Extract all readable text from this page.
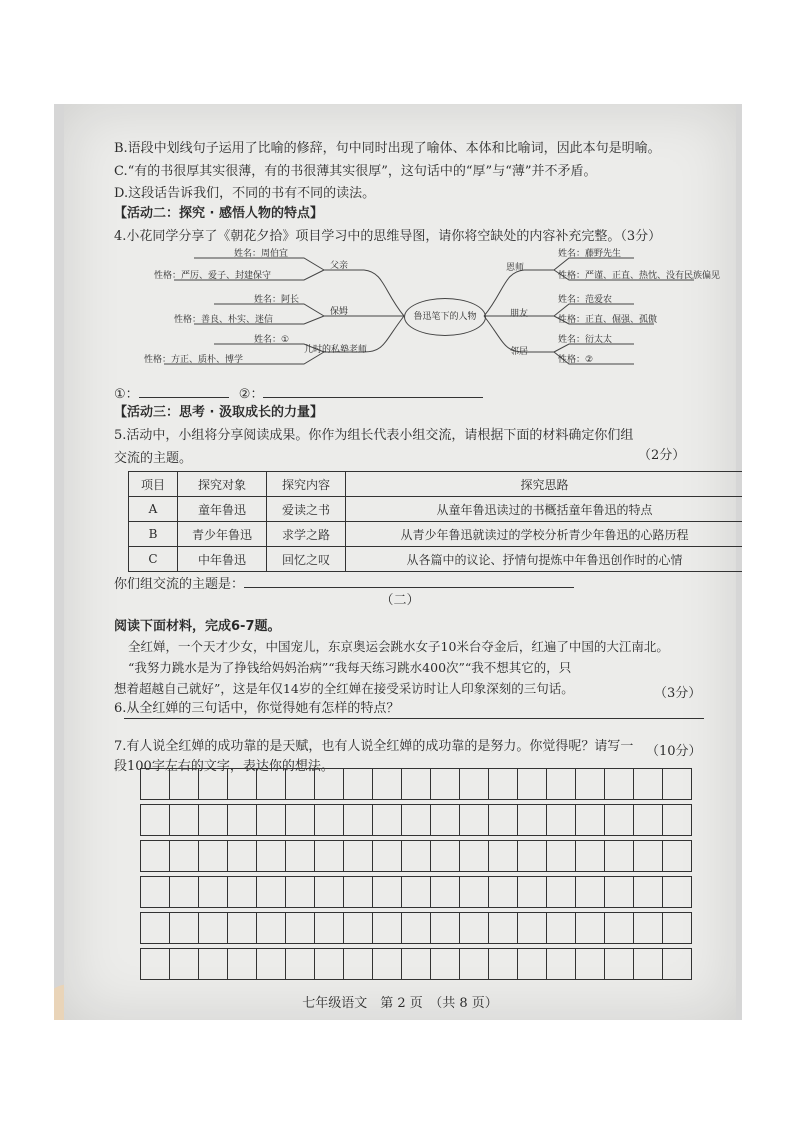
B.语段中划线句子运用了比喻的修辞，句中同时出现了喻体、本体和比喻词，因此本句是明喻。
C.“有的书很厚其实很薄，有的书很薄其实很厚”，这句话中的“厚”与“薄”并不矛盾。
D.这段话告诉我们，不同的书有不同的读法。
【活动二：探究 · 感悟人物的特点】
4.小花同学分享了《朝花夕拾》项目学习中的思维导图，请你将空缺处的内容补充完整。（3分）
鲁迅笔下的人物
姓名：周伯宜
性格：严厉、爱子、封建保守
父亲
姓名：阿长
性格：善良、朴实、迷信
保姆
姓名：①
性格：方正、质朴、博学
儿时的私塾老师
恩师
姓名：藤野先生
性格：严谨、正直、热忱、没有民族偏见
朋友
姓名：范爱农
性格：正直、倔强、孤傲
邻居
姓名：衍太太
性格：②
①：	②：
【活动三：思考 · 汲取成长的力量】
5.活动中，小组将分享阅读成果。你作为组长代表小组交流，请根据下面的材料确定你们组
交流的主题。	（2分）
项目	探究对象	探究内容	探究思路
A	童年鲁迅	爱读之书	从童年鲁迅读过的书概括童年鲁迅的特点
B	青少年鲁迅	求学之路	从青少年鲁迅就读过的学校分析青少年鲁迅的心路历程
C	中年鲁迅	回忆之叹	从各篇中的议论、抒情句提炼中年鲁迅创作时的心情
你们组交流的主题是：
（二）
阅读下面材料，完成6-7题。
全红婵，一个天才少女，中国宠儿，东京奥运会跳水女子10米台夺金后，红遍了中国的大江南北。
“我努力跳水是为了挣钱给妈妈治病”“我每天练习跳水400次”“我不想其它的，只
想着超越自己就好”，这是年仅14岁的全红婵在接受采访时让人印象深刻的三句话。	（3分）
6.从全红婵的三句话中，你觉得她有怎样的特点？
7.有人说全红婵的成功靠的是天赋，也有人说全红婵的成功靠的是努力。你觉得呢？请写一 （10分）
段100字左右的文字，表达你的想法。
七年级语文　第 2 页　（共 8 页）
